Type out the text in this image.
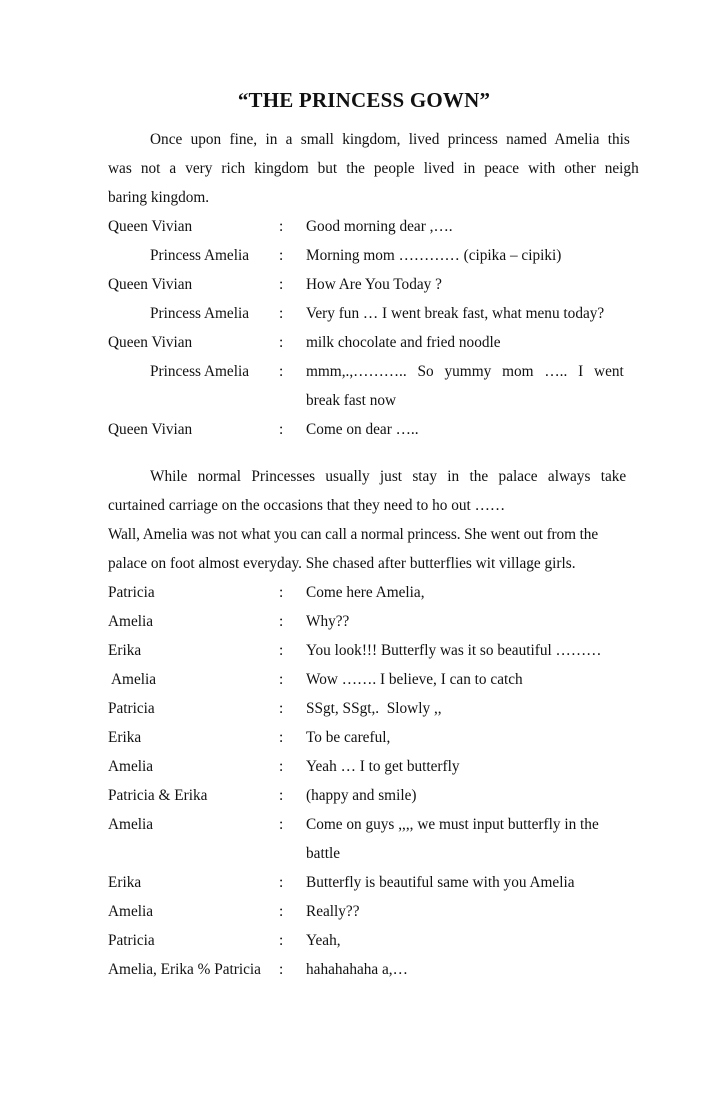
“THE PRINCESS GOWN”
Once upon fine, in a small kingdom, lived princess named Amelia this
was not a very rich kingdom but the people lived in peace with other neigh
baring kingdom.
Queen Vivian	: Good morning dear ,….
Princess Amelia : Morning mom ………… (cipika – cipiki)
Queen Vivian	: How Are You Today ?
Princess Amelia : Very fun … I went break fast, what menu today?
Queen Vivian	: milk chocolate and fried noodle
Princess Amelia : mmm,.,……….. So yummy mom ….. I went
break fast now
Queen Vivian	: Come on dear …..
While normal Princesses usually just stay in the palace always take
curtained carriage on the occasions that they need to ho out ……
Wall, Amelia was not what you can call a normal princess. She went out from the
palace on foot almost everyday. She chased after butterflies wit village girls.
Patricia	: Come here Amelia,
Amelia	: Why??
Erika	: You look!!! Butterfly was it so beautiful ………
Amelia	: Wow ……. I believe, I can to catch
Patricia	: SSgt, SSgt,.  Slowly ,,
Erika	: To be careful,
Amelia	: Yeah … I to get butterfly
Patricia & Erika	: (happy and smile)
Amelia	: Come on guys ,,,, we must input butterfly in the
battle
Erika	: Butterfly is beautiful same with you Amelia
Amelia	: Really??
Patricia	: Yeah,
Amelia, Erika % Patricia : hahahahaha a,…
